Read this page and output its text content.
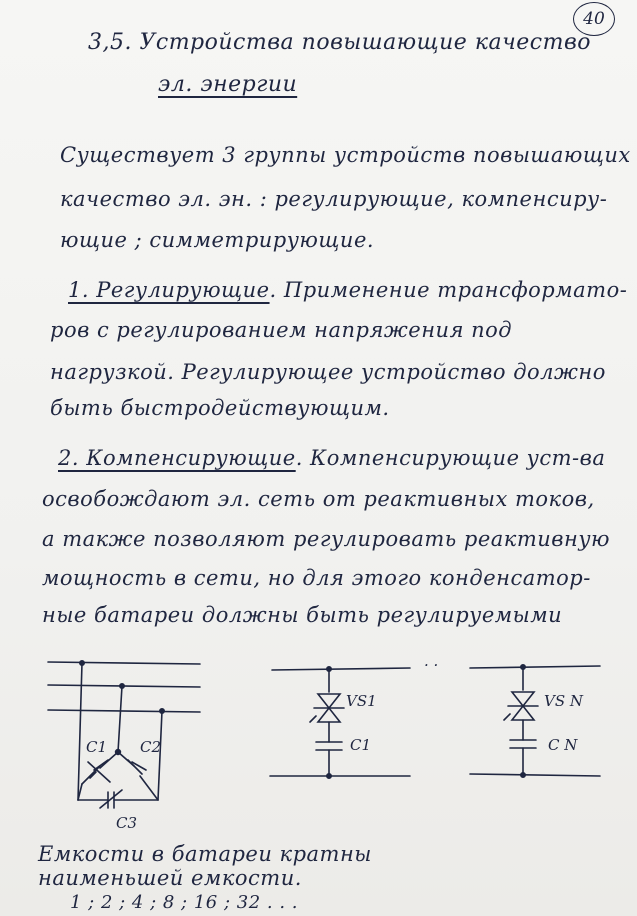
40
3,5. Устройства повышающие качество
эл. энергии
Существует 3 группы устройств повышающих
качество эл. эн. : регулирующие, компенсиру-
ющие ; симметрирующие.
1. Регулирующие. Применение трансформато-
ров с регулированием напряжения под
нагрузкой. Регулирующее устройство должно
быть быстродействующим.
2. Компенсирующие. Компенсирующие уст-ва
освобождают эл. сеть от реактивных токов,
а также позволяют регулировать реактивную
мощность в сети, но для этого конденсатор-
ные батареи должны быть регулируемыми
C1 C2
C3
VS1
C1
· ·
VS N
C N
Емкости в батареи кратны
наименьшей емкости.
1 ; 2 ; 4 ; 8 ; 16 ; 32 . . .
